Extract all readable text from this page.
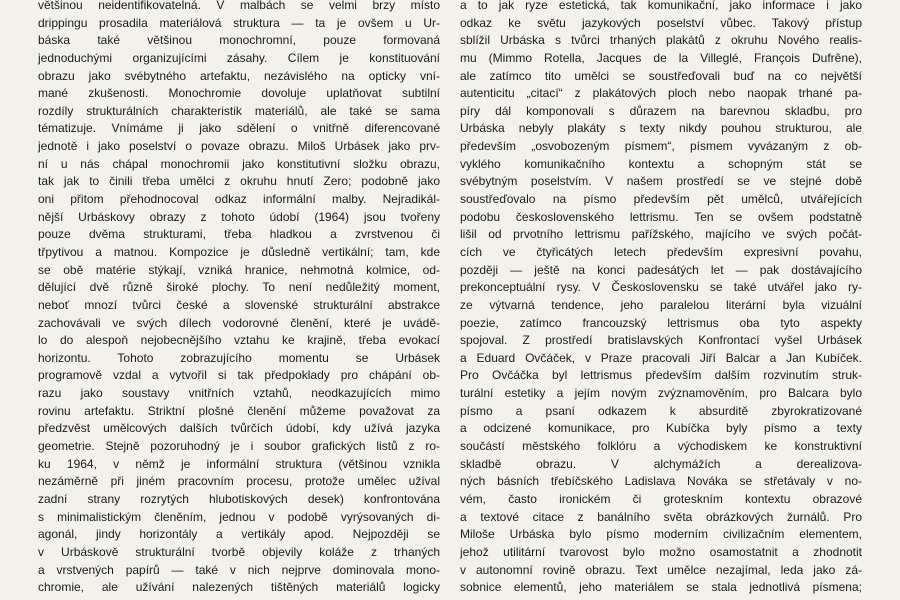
většinou neidentifikovatelná. V malbách se velmi brzy místo
drippingu prosadila materiálová struktura — ta je ovšem u Ur-
báska také většinou monochromní, pouze formovaná
jednoduchými organizujícími zásahy. Cílem je konstituování
obrazu jako svébytného artefaktu, nezávislého na opticky vní-
mané zkušenosti. Monochromie dovoluje uplatňovat subtilní
rozdíly strukturálních charakteristik materiálů, ale také se sama
tématizuje. Vnímáme ji jako sdělení o vnitřně diferencované
jednotě i jako poselství o povaze obrazu. Miloš Urbásek jako prv-
ní u nás chápal monochromii jako konstitutivní složku obrazu,
tak jak to činili třeba umělci z okruhu hnutí Zero; podobně jako
oni přitom přehodnocoval odkaz informální malby. Nejradikál-
nější Urbáskovy obrazy z tohoto údobí (1964) jsou tvořeny
pouze dvěma strukturami, třeba hladkou a zvrstvenou či
třpytivou a matnou. Kompozice je důsledně vertikální; tam, kde
se obě matérie stýkají, vzniká hranice, nehmotná kolmice, od-
dělující dvě různě široké plochy. To není nedůležitý moment,
neboť mnozí tvůrci české a slovenské strukturální abstrakce
zachovávali ve svých dílech vodorovné členění, které je uvádě-
lo do alespoň nejobecnějšího vztahu ke krajině, třeba evokací
horizontu. Tohoto zobrazujícího momentu se Urbásek
programově vzdal a vytvořil si tak předpoklady pro chápání ob-
razu jako soustavy vnitřních vztahů, neodkazujících mimo
rovinu artefaktu. Striktní plošné členění můžeme považovat za
předzvěst umělcových dalších tvůrčích údobí, kdy užívá jazyka
geometrie. Stejně pozoruhodný je i soubor grafických listů z ro-
ku 1964, v němž je informální struktura (většinou vznikla
nezáměrně při jiném pracovním procesu, protože umělec užíval
zadní strany rozrytých hlubotiskových desek) konfrontována
s minimalistickým členěním, jednou v podobě vyrýsovaných di-
agonál, jindy horizontály a vertikály apod. Nejpozději se
v Urbáskově strukturální tvorbě objevily koláže z trhaných
a vrstvených papírů — také v nich nejprve dominovala mono-
chromie, ale užívání nalezených tištěných materiálů logicky
a to jak ryze estetická, tak komunikační, jako informace i jako
odkaz ke světu jazykových poselství vůbec. Takový přístup
sblížil Urbáska s tvůrci trhaných plakátů z okruhu Nového realis-
mu (Mimmo Rotella, Jacques de la Villeglé, François Dufrêne),
ale zatímco tito umělci se soustřeďovali buď na co největší
autenticitu „citací“ z plakátových ploch nebo naopak trhané pa-
píry dál komponovali s důrazem na barevnou skladbu, pro
Urbáska nebyly plakáty s texty nikdy pouhou strukturou, ale
především „osvobozeným písmem“, písmem vyvázaným z ob-
vyklého komunikačního kontextu a schopným stát se
svébytným poselstvím. V našem prostředí se ve stejné době
soustřeďovalo na písmo především pět umělců, utvářejících
podobu československého lettrismu. Ten se ovšem podstatně
lišil od prvotního lettrismu pařížského, majícího ve svých počát-
cích ve čtyřicátých letech především expresivní povahu,
později — ještě na konci padesátých let — pak dostávajícího
prekonceptuální rysy. V Československu se také utvářel jako ry-
ze výtvarná tendence, jeho paralelou literární byla vizuální
poezie, zatímco francouzský lettrismus oba tyto aspekty
spojoval. Z prostředí bratislavských Konfrontací vyšel Urbásek
a Eduard Ovčáček, v Praze pracovali Jiří Balcar a Jan Kubíček.
Pro Ovčáčka byl lettrismus především dalším rozvinutím struk-
turální estetiky a jejím novým zvýznamověním, pro Balcara bylo
písmo a psaní odkazem k absurditě zbyrokratizované
a odcizené komunikace, pro Kubíčka byly písmo a texty
součástí městského folklóru a východiskem ke konstruktivní
skladbě obrazu. V alchymážích a derealizova-
ných básních třebíčského Ladislava Nováka se střetávaly v no-
vém, často ironickém či groteskním kontextu obrazové
a textové citace z banálního světa obrázkových žurnálů. Pro
Miloše Urbáska bylo písmo moderním civilizačním elementem,
jehož utilitární tvarovost bylo možno osamostatnit a zhodnotit
v autonomní rovině obrazu. Text umělce nezajímal, leda jako zá-
sobnice elementů, jeho materiálem se stala jednotlivá písmena;
